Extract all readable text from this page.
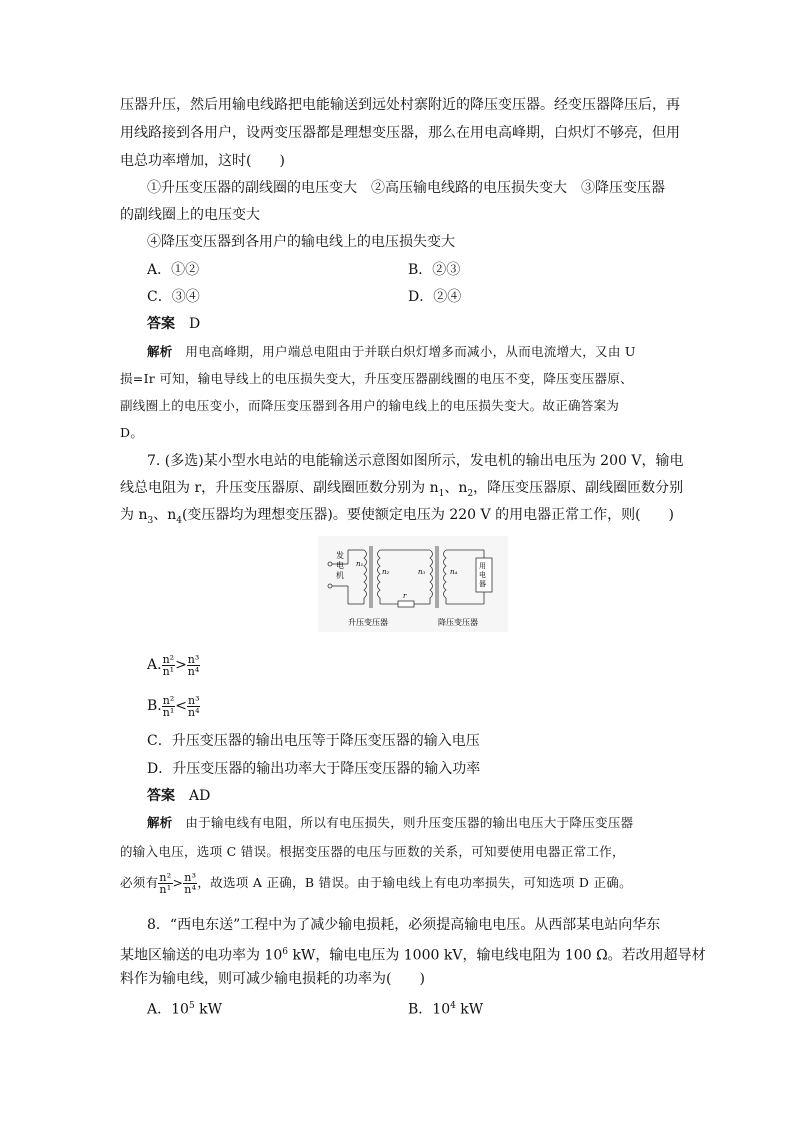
压器升压，然后用输电线路把电能输送到远处村寨附近的降压变压器。经变压器降压后，再
用线路接到各用户，设两变压器都是理想变压器，那么在用电高峰期，白炽灯不够亮，但用
电总功率增加，这时(　　)
①升压变压器的副线圈的电压变大　②高压输电线路的电压损失变大　③降压变压器
的副线圈上的电压变大
④降压变压器到各用户的输电线上的电压损失变大
A．①②	B．②③
C．③④	D．②④
答案　 D
解析　 用电高峰期，用户端总电阻由于并联白炽灯增多而减小，从而电流增大，又由 U
损=Ir 可知，输电导线上的电压损失变大，升压变压器副线圈的电压不变，降压变压器原、
副线圈上的电压变小，而降压变压器到各用户的输电线上的电压损失变大。故正确答案为
D。
7. (多选)某小型水电站的电能输送示意图如图所示，发电机的输出电压为 200 V，输电
线总电阻为 r，升压变压器原、副线圈匝数分别为 $n_1$、$n_2$，降压变压器原、副线圈匝数分别
为 $n_3$、$n_4$(变压器均为理想变压器)。要使额定电压为 220 V 的用电器正常工作，则(　　)
发
电
机
n₁
n₂
r
n₃	n₄
用
电
器
升压变压器	降压变压器
A. $\frac{\text{n²}}{\text{n¹}} > \frac{\text{n³}}{\text{n⁴}}$
B. $\frac{\text{n²}}{\text{n¹}} < \frac{\text{n³}}{\text{n⁴}}$
C．升压变压器的输出电压等于降压变压器的输入电压
D．升压变压器的输出功率大于降压变压器的输入功率
答案　 AD
解析　 由于输电线有电阻，所以有电压损失，则升压变压器的输出电压大于降压变压器
的输入电压，选项 C 错误。根据变压器的电压与匝数的关系，可知要使用电器正常工作，
必须有 $\frac{\text{n²}}{\text{n¹}} > \frac{\text{n³}}{\text{n⁴}}$ ，故选项 A 正确，B 错误。由于输电线上有电功率损失，可知选项 D 正确。
8．“西电东送”工程中为了减少输电损耗，必须提高输电电压。从西部某电站向华东
某地区输送的电功率为 $10^6$ kW，输电电压为 1000 kV，输电线电阻为 100 Ω。若改用超导材
料作为输电线，则可减少输电损耗的功率为(　　)
A．$10^5$ kW	B．$10^4$ kW
